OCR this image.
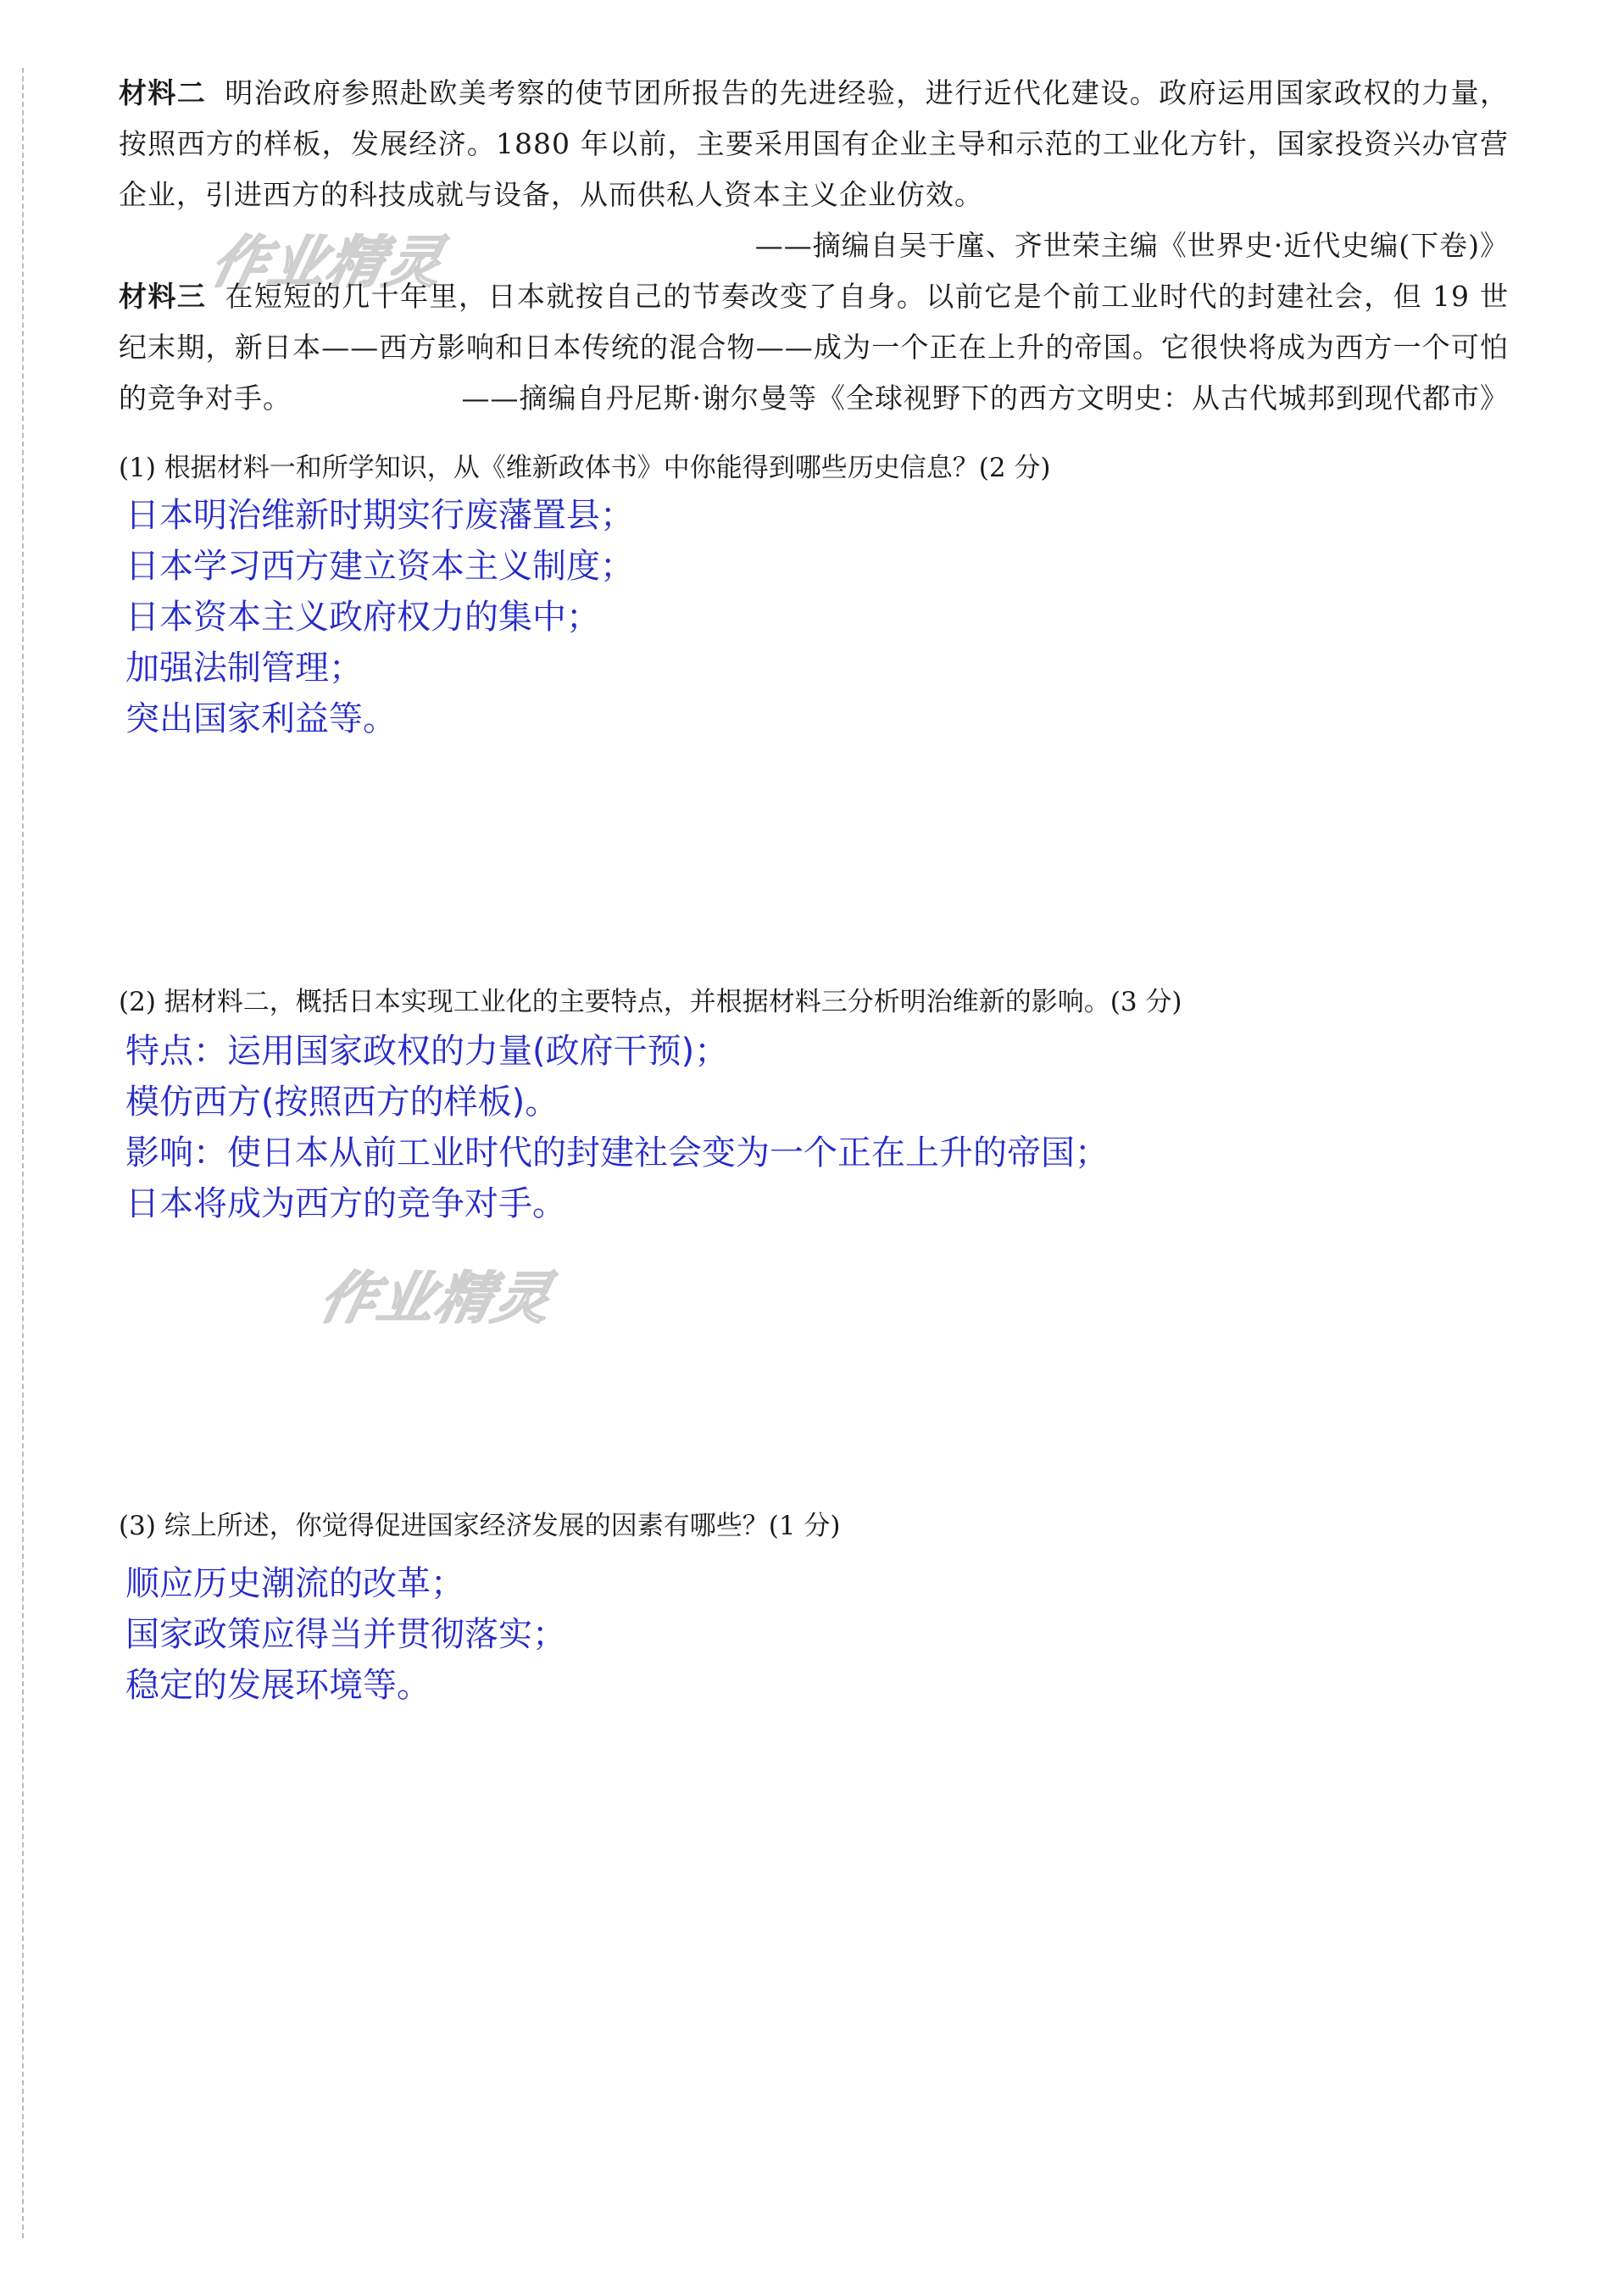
材料二 明治政府参照赴欧美考察的使节团所报告的先进经验，进行近代化建设。政府运用国家政权的力量，按照西方的样板，发展经济。1880 年以前，主要采用国有企业主导和示范的工业化方针，国家投资兴办官营企业，引进西方的科技成就与设备，从而供私人资本主义企业仿效。

——摘编自吴于廑、齐世荣主编《世界史·近代史编(下卷)》

作业精灵

材料三 在短短的几十年里，日本就按自己的节奏改变了自身。以前它是个前工业时代的封建社会，但 19 世纪末期，新日本——西方影响和日本传统的混合物——成为一个正在上升的帝国。它很快将成为西方一个可怕的竞争对手。	——摘编自丹尼斯·谢尔曼等《全球视野下的西方文明史：从古代城邦到现代都市》

(1) 根据材料一和所学知识，从《维新政体书》中你能得到哪些历史信息？(2 分)

日本明治维新时期实行废藩置县；
日本学习西方建立资本主义制度；
日本资本主义政府权力的集中；
加强法制管理；
突出国家利益等。

(2) 据材料二，概括日本实现工业化的主要特点，并根据材料三分析明治维新的影响。(3 分)

特点：运用国家政权的力量(政府干预)；
模仿西方(按照西方的样板)。
影响：使日本从前工业时代的封建社会变为一个正在上升的帝国；
日本将成为西方的竞争对手。
作业精灵

(3) 综上所述，你觉得促进国家经济发展的因素有哪些？(1 分)

顺应历史潮流的改革；
国家政策应得当并贯彻落实；
稳定的发展环境等。
